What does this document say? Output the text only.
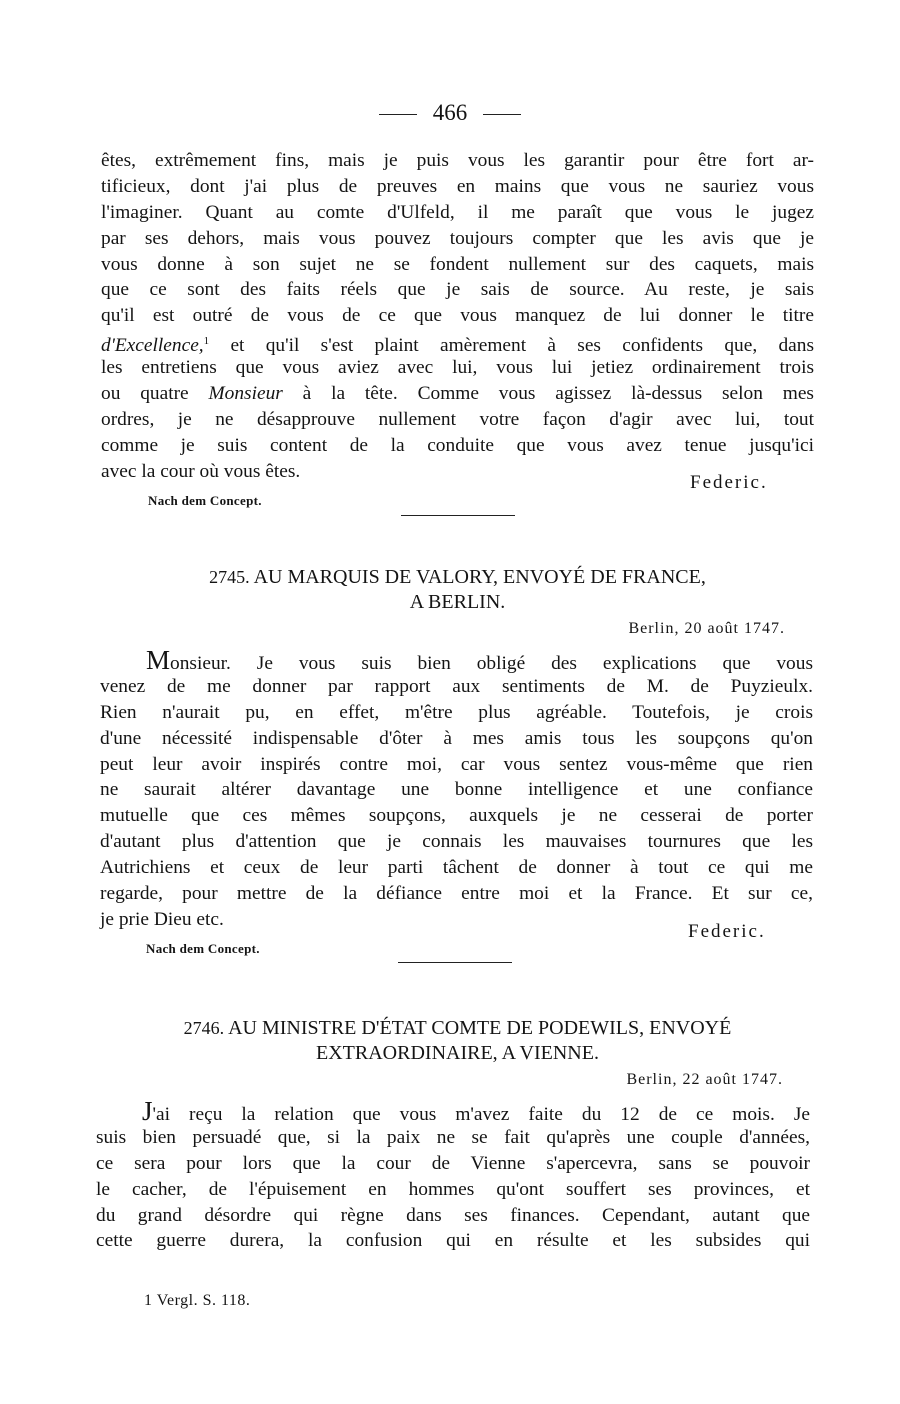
466
êtes, extrêmement fins, mais je puis vous les garantir pour être fort ar-
tificieux, dont j'ai plus de preuves en mains que vous ne sauriez vous
l'imaginer. Quant au comte d'Ulfeld, il me paraît que vous le jugez
par ses dehors, mais vous pouvez toujours compter que les avis que je
vous donne à son sujet ne se fondent nullement sur des caquets, mais
que ce sont des faits réels que je sais de source. Au reste, je sais
qu'il est outré de vous de ce que vous manquez de lui donner le titre
d'Excellence,$^1$ et qu'il s'est plaint amèrement à ses confidents que, dans
les entretiens que vous aviez avec lui, vous lui jetiez ordinairement trois
ou quatre Monsieur à la tête. Comme vous agissez là-dessus selon mes
ordres, je ne désapprouve nullement votre façon d'agir avec lui, tout
comme je suis content de la conduite que vous avez tenue jusqu'ici
avec la cour où vous êtes.
Federic.
Nach dem Concept.
2745. AU MARQUIS DE VALORY, ENVOYÉ DE FRANCE,
A BERLIN.
Berlin, 20 août 1747.
Monsieur. Je vous suis bien obligé des explications que vous
venez de me donner par rapport aux sentiments de M. de Puyzieulx.
Rien n'aurait pu, en effet, m'être plus agréable. Toutefois, je crois
d'une nécessité indispensable d'ôter à mes amis tous les soupçons qu'on
peut leur avoir inspirés contre moi, car vous sentez vous-même que rien
ne saurait altérer davantage une bonne intelligence et une confiance
mutuelle que ces mêmes soupçons, auxquels je ne cesserai de porter
d'autant plus d'attention que je connais les mauvaises tournures que les
Autrichiens et ceux de leur parti tâchent de donner à tout ce qui me
regarde, pour mettre de la défiance entre moi et la France. Et sur ce,
je prie Dieu etc.
Federic.
Nach dem Concept.
2746. AU MINISTRE D'ÉTAT COMTE DE PODEWILS, ENVOYÉ
EXTRAORDINAIRE, A VIENNE.
Berlin, 22 août 1747.
J'ai reçu la relation que vous m'avez faite du 12 de ce mois. Je
suis bien persuadé que, si la paix ne se fait qu'après une couple d'années,
ce sera pour lors que la cour de Vienne s'apercevra, sans se pouvoir
le cacher, de l'épuisement en hommes qu'ont souffert ses provinces, et
du grand désordre qui règne dans ses finances. Cependant, autant que
cette guerre durera, la confusion qui en résulte et les subsides qui
1 Vergl. S. 118.
